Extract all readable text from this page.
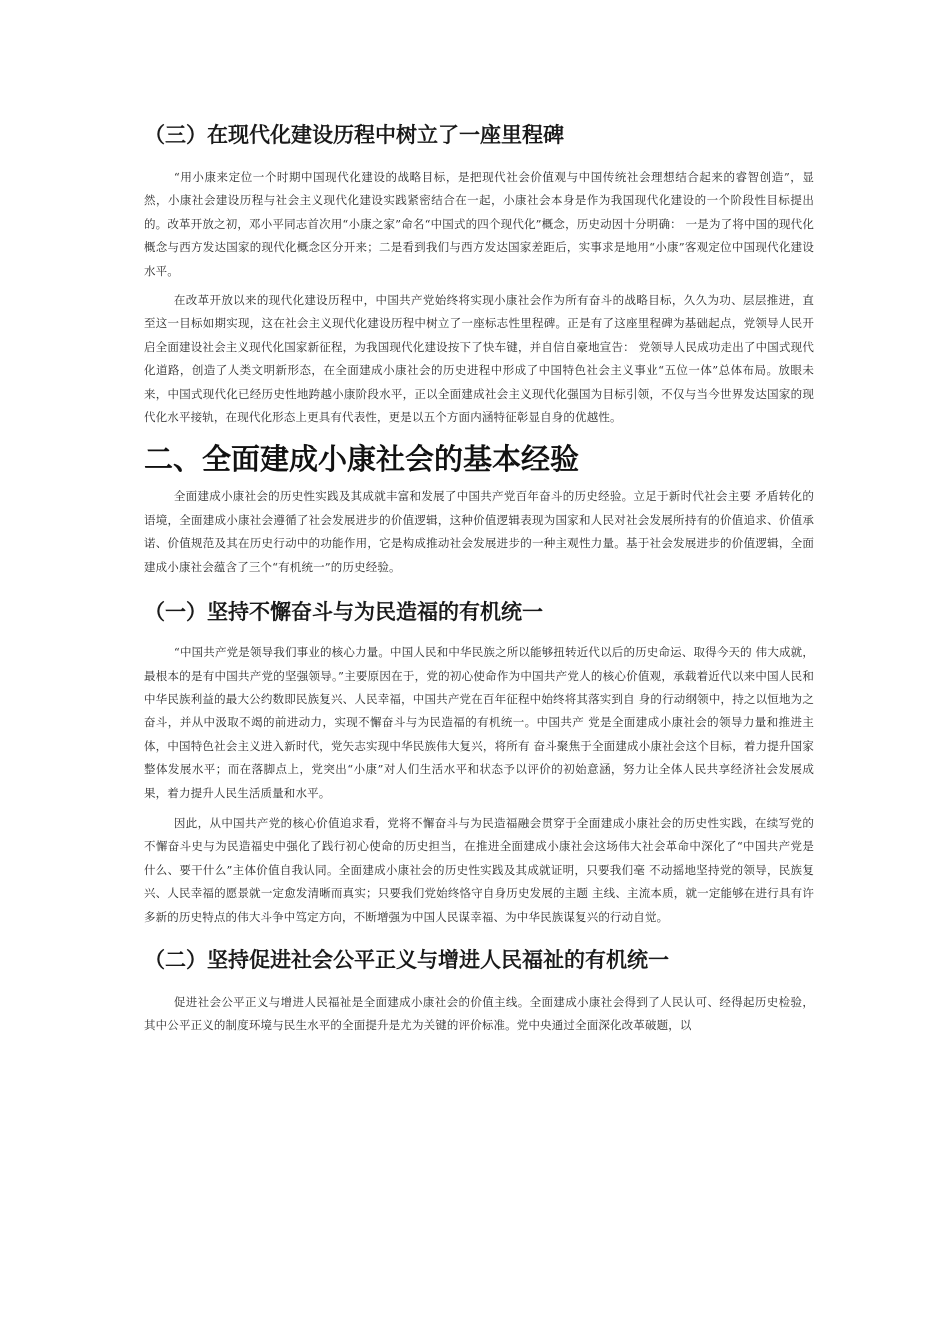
（三）在现代化建设历程中树立了一座里程碑

“用小康来定位一个时期中国现代化建设的战略目标，是把现代社会价值观与中国传统社会理想结合起来的睿智创造”，显然，小康社会建设历程与社会主义现代化建设实践紧密结合在一起，小康社会本身是作为我国现代化建设的一个阶段性目标提出的。改革开放之初，邓小平同志首次用“小康之家”命名“中国式的四个现代化”概念，历史动因十分明确： 一是为了将中国的现代化概念与西方发达国家的现代化概念区分开来；二是看到我们与西方发达国家差距后，实事求是地用“小康”客观定位中国现代化建设水平。

在改革开放以来的现代化建设历程中，中国共产党始终将实现小康社会作为所有奋斗的战略目标，久久为功、层层推进，直至这一目标如期实现，这在社会主义现代化建设历程中树立了一座标志性里程碑。正是有了这座里程碑为基础起点，党领导人民开启全面建设社会主义现代化国家新征程，为我国现代化建设按下了快车键，并自信自豪地宣告： 党领导人民成功走出了中国式现代化道路，创造了人类文明新形态，在全面建成小康社会的历史进程中形成了中国特色社会主义事业“五位一体”总体布局。放眼未来，中国式现代化已经历史性地跨越小康阶段水平，正以全面建成社会主义现代化强国为目标引领，不仅与当今世界发达国家的现代化水平接轨，在现代化形态上更具有代表性，更是以五个方面内涵特征彰显自身的优越性。

二、全面建成小康社会的基本经验

全面建成小康社会的历史性实践及其成就丰富和发展了中国共产党百年奋斗的历史经验。立足于新时代社会主要 矛盾转化的语境，全面建成小康社会遵循了社会发展进步的价值逻辑，这种价值逻辑表现为国家和人民对社会发展所持有的价值追求、价值承诺、价值规范及其在历史行动中的功能作用，它是构成推动社会发展进步的一种主观性力量。基于社会发展进步的价值逻辑，全面建成小康社会蕴含了三个“有机统一”的历史经验。

（一）坚持不懈奋斗与为民造福的有机统一

“中国共产党是领导我们事业的核心力量。中国人民和中华民族之所以能够扭转近代以后的历史命运、取得今天的 伟大成就，最根本的是有中国共产党的坚强领导。”主要原因在于，党的初心使命作为中国共产党人的核心价值观，承载着近代以来中国人民和中华民族利益的最大公约数即民族复兴、人民幸福，中国共产党在百年征程中始终将其落实到自 身的行动纲领中，持之以恒地为之奋斗，并从中汲取不竭的前进动力，实现不懈奋斗与为民造福的有机统一。中国共产 党是全面建成小康社会的领导力量和推进主体，中国特色社会主义进入新时代，党矢志实现中华民族伟大复兴，将所有 奋斗聚焦于全面建成小康社会这个目标，着力提升国家整体发展水平；而在落脚点上，党突出“小康”对人们生活水平和状态予以评价的初始意涵，努力让全体人民共享经济社会发展成果，着力提升人民生活质量和水平。

因此，从中国共产党的核心价值追求看，党将不懈奋斗与为民造福融会贯穿于全面建成小康社会的历史性实践，在续写党的不懈奋斗史与为民造福史中强化了践行初心使命的历史担当，在推进全面建成小康社会这场伟大社会革命中深化了“中国共产党是什么、要干什么”主体价值自我认同。全面建成小康社会的历史性实践及其成就证明，只要我们毫 不动摇地坚持党的领导，民族复兴、人民幸福的愿景就一定愈发清晰而真实；只要我们党始终恪守自身历史发展的主题 主线、主流本质，就一定能够在进行具有许多新的历史特点的伟大斗争中笃定方向，不断增强为中国人民谋幸福、为中华民族谋复兴的行动自觉。

（二）坚持促进社会公平正义与增进人民福祉的有机统一

促进社会公平正义与增进人民福祉是全面建成小康社会的价值主线。全面建成小康社会得到了人民认可、经得起历史检验，其中公平正义的制度环境与民生水平的全面提升是尤为关键的评价标准。党中央通过全面深化改革破题，以
